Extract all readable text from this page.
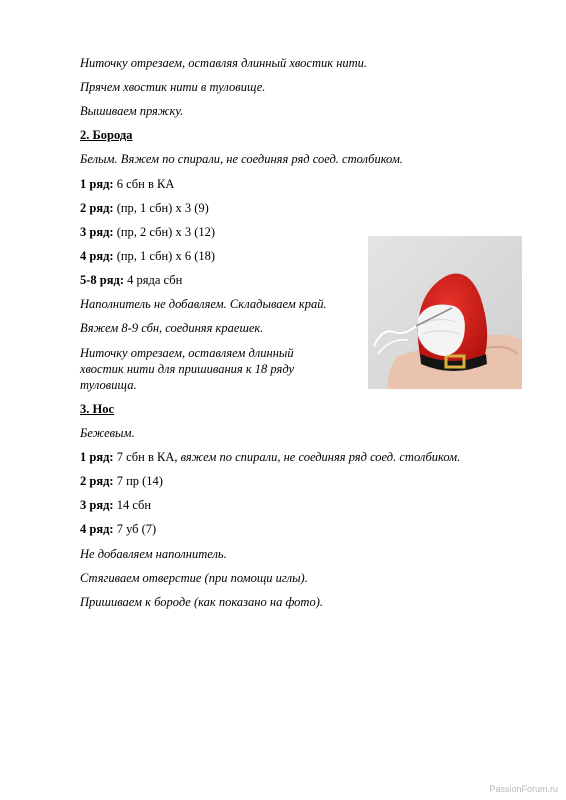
Ниточку отрезаем, оставляя длинный хвостик нити.
Прячем хвостик нити в туловище.
Вышиваем пряжку.
2. Борода
Белым. Вяжем по спирали, не соединяя ряд соед. столбиком.
1 ряд: 6 сбн в КА
2 ряд: (пр, 1 сбн) х 3 (9)
3 ряд: (пр, 2 сбн) х 3 (12)
4 ряд: (пр, 1 сбн) х 6 (18)
5-8 ряд: 4 ряда сбн
Наполнитель не добавляем. Складываем край.
Вяжем 8-9 сбн, соединяя краешек.
Ниточку отрезаем, оставляем длинный
хвостик нити для пришивания к 18 ряду
туловища.
3. Нос
Бежевым.
1 ряд: 7 сбн в КА, вяжем по спирали, не соединяя ряд соед. столбиком.
2 ряд: 7 пр (14)
3 ряд: 14 сбн
4 ряд: 7 уб (7)
Не добавляем наполнитель.
Стягиваем отверстие (при помощи иглы).
Пришиваем к бороде (как показано на фото).
PassionForum.ru
